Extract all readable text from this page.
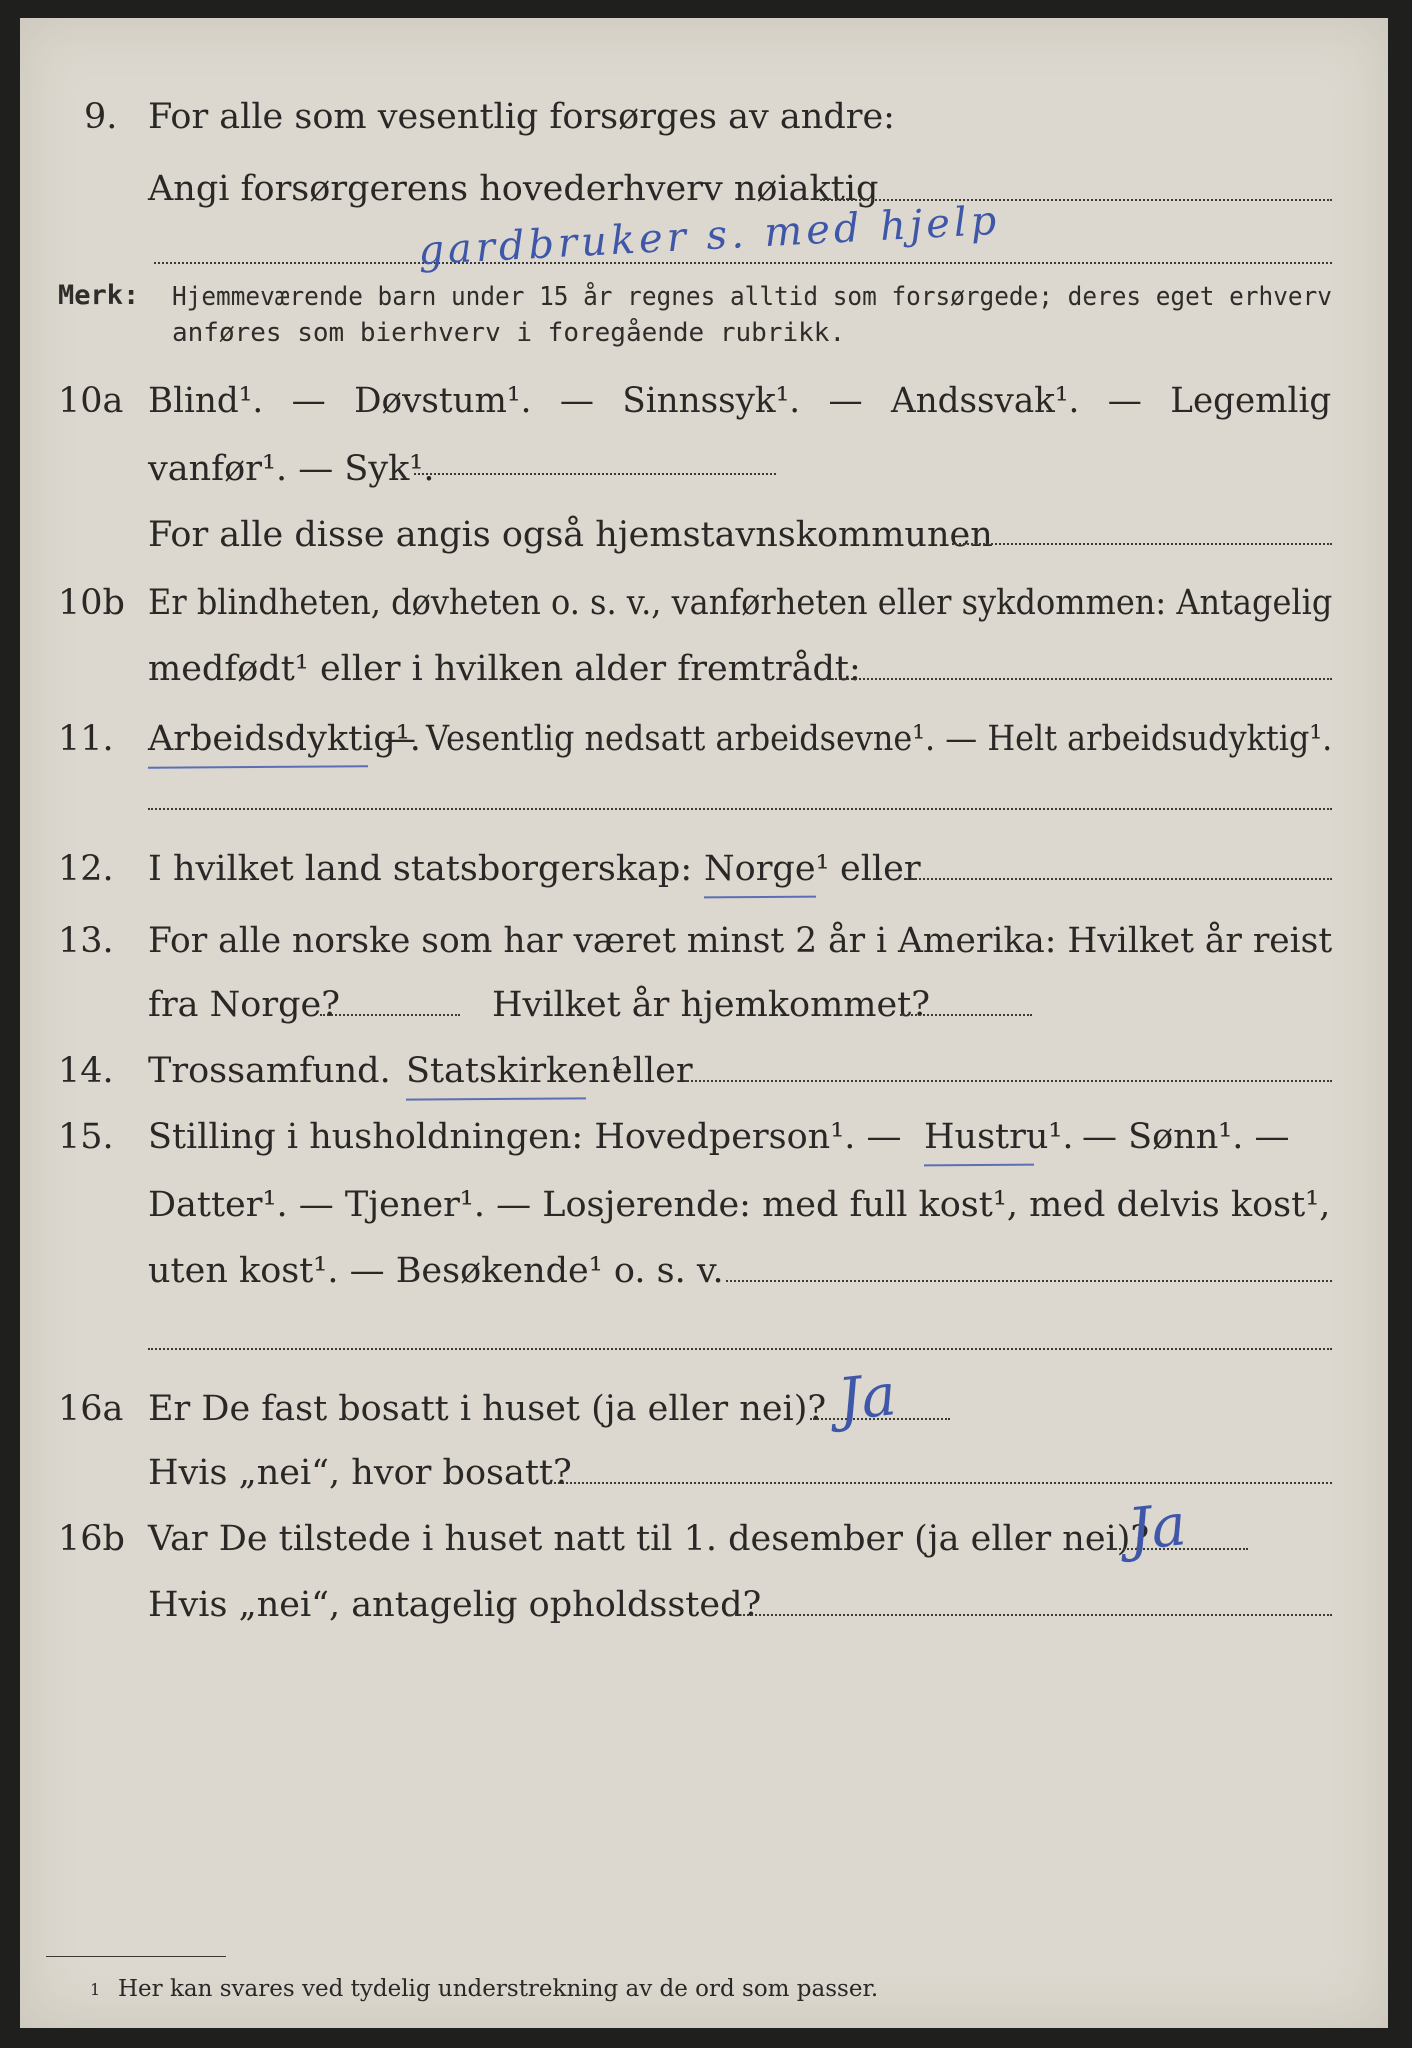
9. For alle som vesentlig forsørges av andre:
Angi forsørgerens hovederhverv nøiaktig
gardbruker s. med hjelp
Merk: Hjemmeværende barn under 15 år regnes alltid som forsørgede; deres eget erhverv
anføres som bierhverv i foregående rubrikk.
10a Blind¹. — Døvstum¹. — Sinnssyk¹. — Andssvak¹. — Legemlig
vanfør¹. — Syk¹.
For alle disse angis også hjemstavnskommunen
10b Er blindheten, døvheten o. s. v., vanførheten eller sykdommen: Antagelig
medfødt¹ eller i hvilken alder fremtrådt:
11. Arbeidsdyktig¹.
— Vesentlig nedsatt arbeidsevne¹. — Helt arbeidsudyktig¹.
12. I hvilket land statsborgerskap: Norge¹ eller
13. For alle norske som har været minst 2 år i Amerika: Hvilket år reist
fra Norge?	Hvilket år hjemkommet?
14. Trossamfund. Statskirken¹
eller
15. Stilling i husholdningen: Hovedperson¹. — Hustru¹. — Sønn¹. —
Datter¹. — Tjener¹. — Losjerende: med full kost¹, med delvis kost¹,
uten kost¹. — Besøkende¹ o. s. v.
16a Er De fast bosatt i huset (ja eller nei)? Ja
Hvis „nei“, hvor bosatt?
16b Var De tilstede i huset natt til 1. desember (ja eller nei)?
Ja
Hvis „nei“, antagelig opholdssted?
1 Her kan svares ved tydelig understrekning av de ord som passer.
